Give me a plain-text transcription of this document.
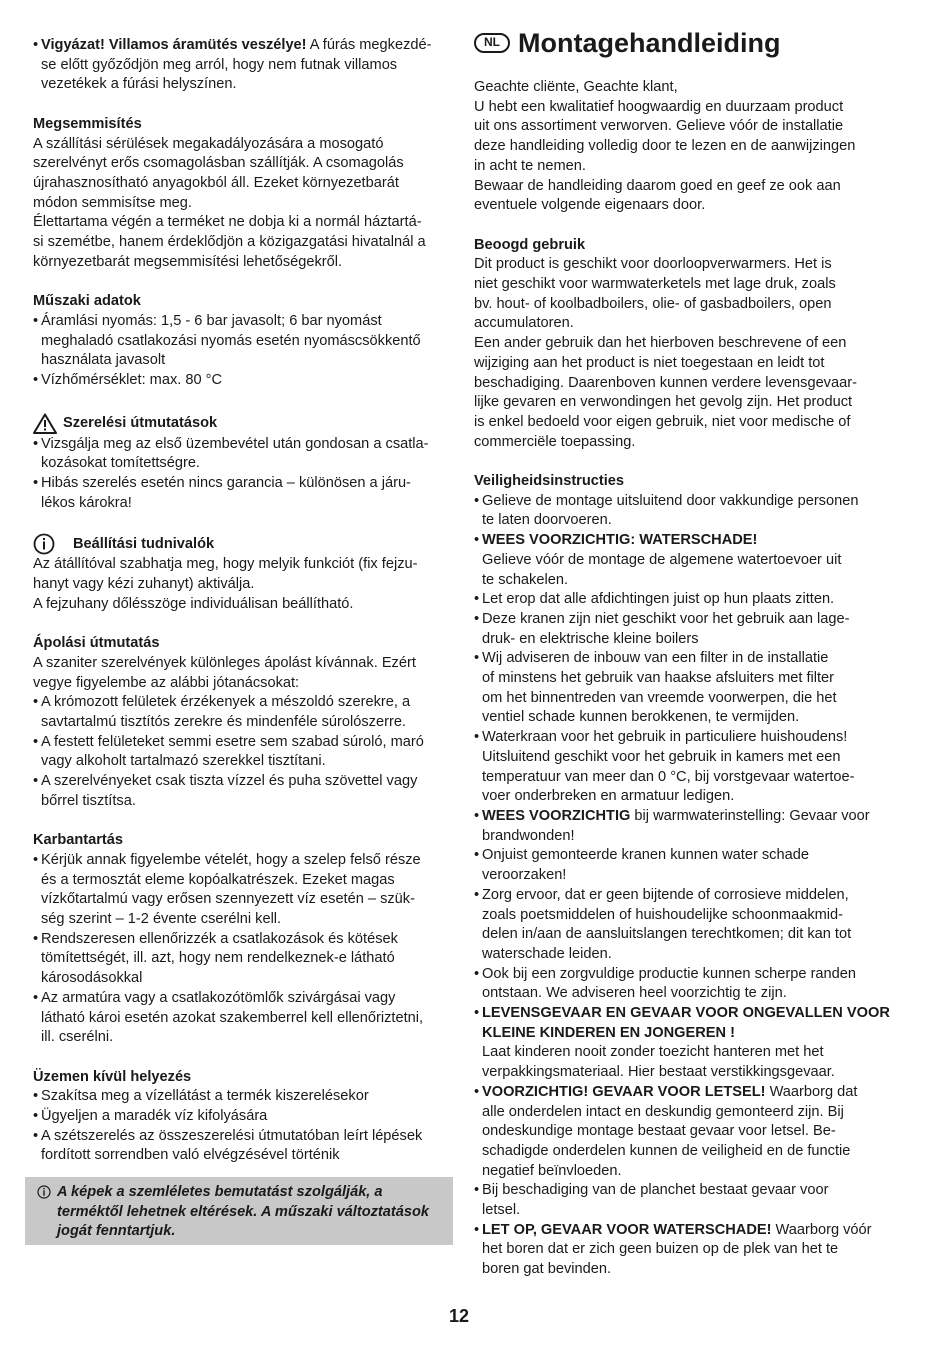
• Vigyázat! Villamos áramütés veszélye! A fúrás megkezdé-
se előtt győződjön meg arról, hogy nem futnak villamos
vezetékek a fúrási helyszínen.
Megsemmisítés

A szállítási sérülések megakadályozására a mosogató
szerelvényt erős csomagolásban szállítják. A csomagolás
újrahasznosítható anyagokból áll. Ezeket környezetbarát
módon semmisítse meg.
Élettartama végén a terméket ne dobja ki a normál háztartá-
si szemétbe, hanem érdeklődjön a közigazgatási hivatalnál a
környezetbarát megsemmisítési lehetőségekről.

Műszaki adatok
• Áramlási nyomás: 1,5 - 6 bar javasolt; 6 bar nyomást
meghaladó csatlakozási nyomás esetén nyomáscsökkentő
használata javasolt
• Vízhőmérséklet: max. 80 °C
Szerelési útmutatások
• Vizsgálja meg az első üzembevétel után gondosan a csatla-
kozásokat tomítettségre.
• Hibás szerelés esetén nincs garancia – különösen a járu-
lékos károkra!
Beállítási tudnivalók

Az átállítóval szabhatja meg, hogy melyik funkciót (fix fejzu-
hanyt vagy kézi zuhanyt) aktiválja.
A fejzuhany dőlésszöge individuálisan beállítható.

Ápolási útmutatás

A szaniter szerelvények különleges ápolást kívánnak. Ezért
vegye figyelembe az alábbi jótanácsokat:

• A krómozott felületek érzékenyek a mészoldó szerekre, a
savtartalmú tisztítós zerekre és mindenféle súrolószerre.
• A festett felületeket semmi esetre sem szabad súroló, maró
vagy alkoholt tartalmazó szerekkel tisztítani.
• A szerelvényeket csak tiszta vízzel és puha szövettel vagy
bőrrel tisztítsa.
Karbantartás
• Kérjük annak figyelembe vételét, hogy a szelep felső része
és a termosztát eleme kopóalkatrészek. Ezeket magas
vízkőtartalmú vagy erősen szennyezett víz esetén – szük-
ség szerint – 1-2 évente cserélni kell.
• Rendszeresen ellenőrizzék a csatlakozások és kötések
tömítettségét, ill. azt, hogy nem rendelkeznek-e látható
károsodásokkal
• Az armatúra vagy a csatlakozótömlők szivárgásai vagy
látható károi esetén azokat szakemberrel kell ellenőriztetni,
ill. cserélni.
Üzemen kívül helyezés
• Szakítsa meg a vízellátást a termék kiszerelésekor
• Ügyeljen a maradék víz kifolyására
• A szétszerelés az összeszerelési útmutatóban leírt lépések
fordított sorrendben való elvégzésével történik
A képek a szemléletes bemutatást szolgálják, a
terméktől lehetnek eltérések. A műszaki változtatások
jogát fenntartjuk.
NL Montagehandleiding

Geachte cliënte, Geachte klant,
U hebt een kwalitatief hoogwaardig en duurzaam product
uit ons assortiment verworven. Gelieve vóór de installatie
deze handleiding volledig door te lezen en de aanwijzingen
in acht te nemen.
Bewaar de handleiding daarom goed en geef ze ook aan
eventuele volgende eigenaars door.

Beoogd gebruik

Dit product is geschikt voor doorloopverwarmers. Het is
niet geschikt voor warmwaterketels met lage druk, zoals
bv. hout- of koolbadboilers, olie- of gasbadboilers, open
accumulatoren.
Een ander gebruik dan het hierboven beschrevene of een
wijziging aan het product is niet toegestaan en leidt tot
beschadiging. Daarenboven kunnen verdere levensgevaar-
lijke gevaren en verwondingen het gevolg zijn. Het product
is enkel bedoeld voor eigen gebruik, niet voor medische of
commerciële toepassing.

Veiligheidsinstructies
• Gelieve de montage uitsluitend door vakkundige personen
te laten doorvoeren.
• WEES VOORZICHTIG: WATERSCHADE!
Gelieve vóór de montage de algemene watertoevoer uit
te schakelen.
• Let erop dat alle afdichtingen juist op hun plaats zitten.
• Deze kranen zijn niet geschikt voor het gebruik aan lage-
druk- en elektrische kleine boilers
• Wij adviseren de inbouw van een filter in de installatie
of minstens het gebruik van haakse afsluiters met filter
om het binnentreden van vreemde voorwerpen, die het
ventiel schade kunnen berokkenen, te vermijden.
• Waterkraan voor het gebruik in particuliere huishoudens!
Uitsluitend geschikt voor het gebruik in kamers met een
temperatuur van meer dan 0 °C, bij vorstgevaar watertoe-
voer onderbreken en armatuur ledigen.
• WEES VOORZICHTIG bij warmwaterinstelling: Gevaar voor
brandwonden!
• Onjuist gemonteerde kranen kunnen water schade
veroorzaken!
• Zorg ervoor, dat er geen bijtende of corrosieve middelen,
zoals poetsmiddelen of huishoudelijke schoonmaakmid-
delen in/aan de aansluitslangen terechtkomen; dit kan tot
waterschade leiden.
• Ook bij een zorgvuldige productie kunnen scherpe randen
ontstaan. We adviseren heel voorzichtig te zijn.
• LEVENSGEVAAR EN GEVAAR VOOR ONGEVALLEN VOOR
KLEINE KINDEREN EN JONGEREN !
Laat kinderen nooit zonder toezicht hanteren met het
verpakkingsmateriaal. Hier bestaat verstikkingsgevaar.
• VOORZICHTIG! GEVAAR VOOR LETSEL! Waarborg dat
alle onderdelen intact en deskundig gemonteerd zijn. Bij
ondeskundige montage bestaat gevaar voor letsel. Be-
schadigde onderdelen kunnen de veiligheid en de functie
negatief beïnvloeden.
• Bij beschadiging van de planchet bestaat gevaar voor
letsel.
• LET OP, GEVAAR VOOR WATERSCHADE! Waarborg vóór
het boren dat er zich geen buizen op de plek van het te
boren gat bevinden.
12
